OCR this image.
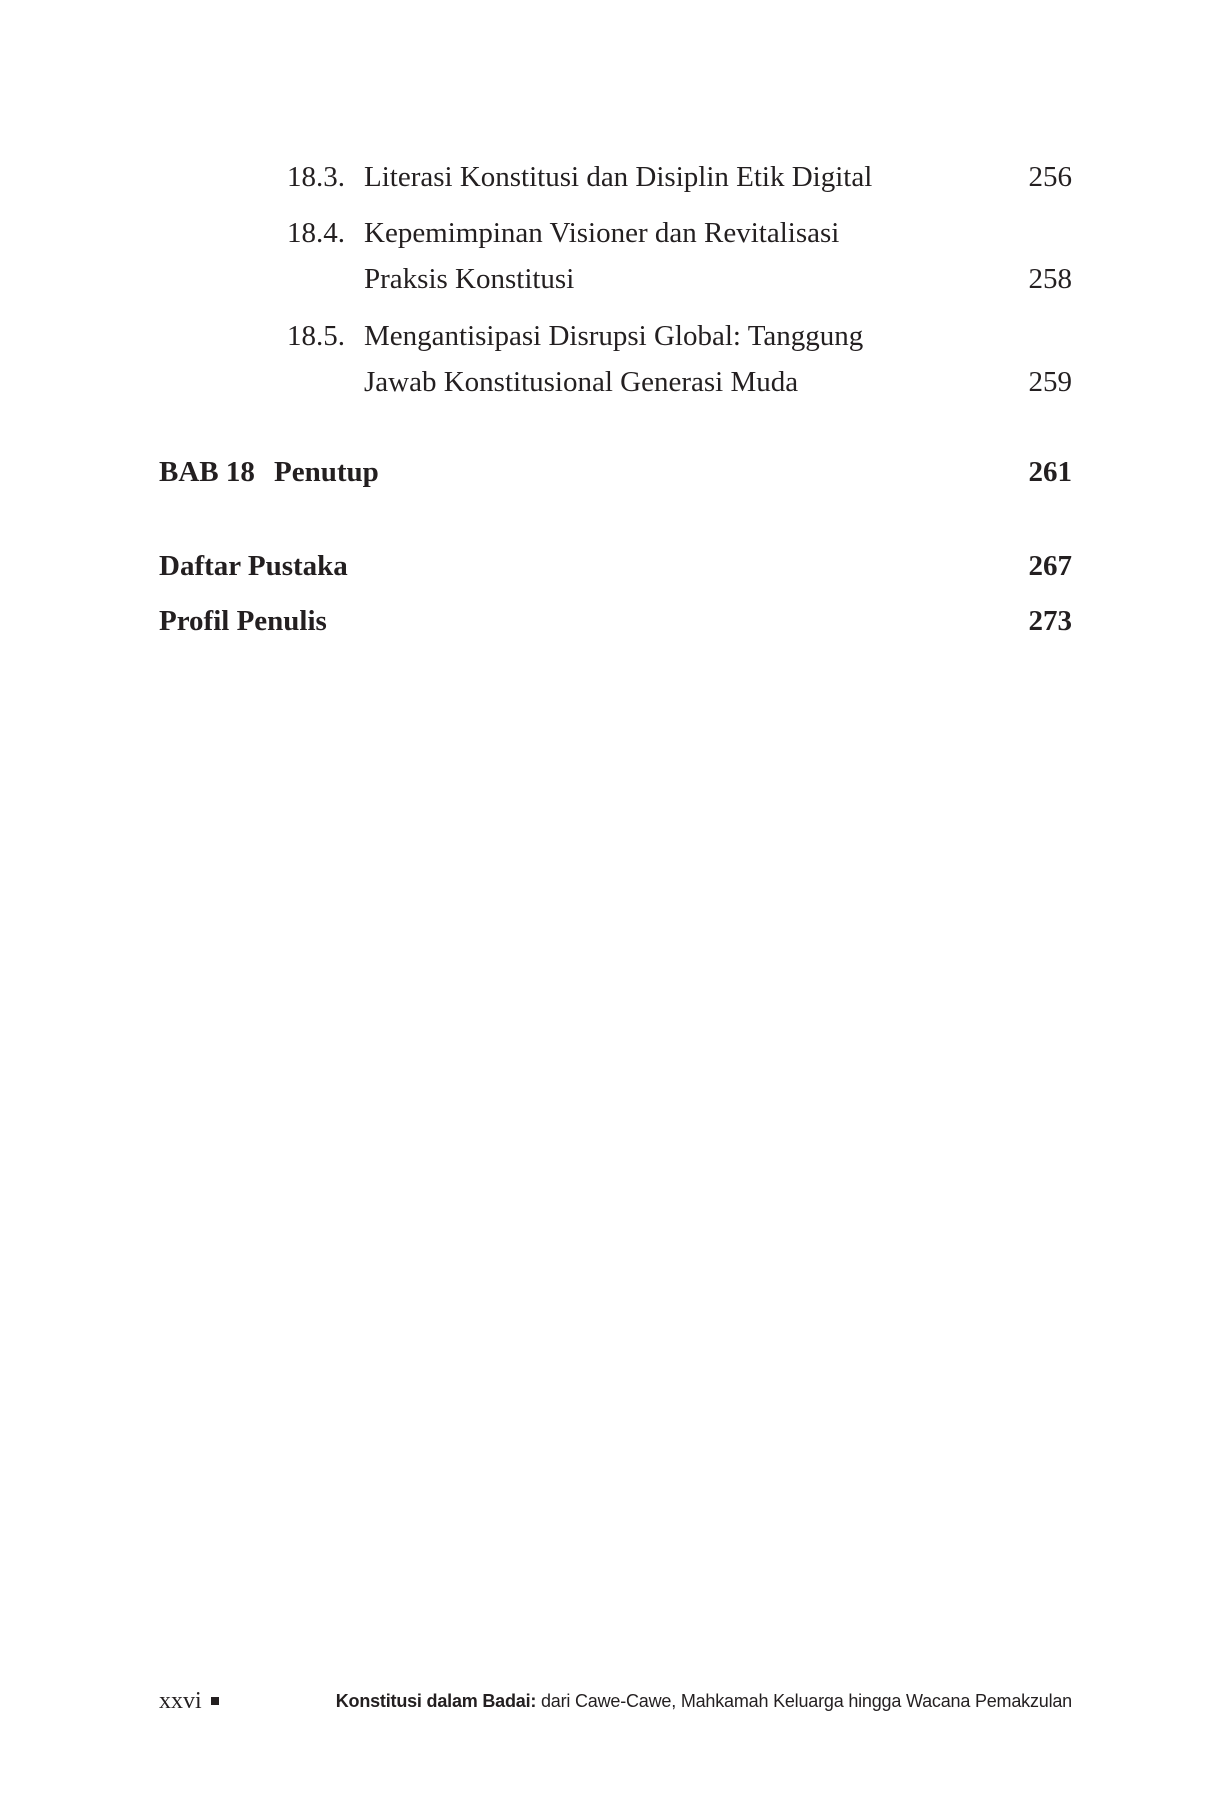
18.3. Literasi Konstitusi dan Disiplin Etik Digital	256
18.4. Kepemimpinan Visioner dan Revitalisasi
Praksis Konstitusi	258
18.5. Mengantisipasi Disrupsi Global: Tanggung
Jawab Konstitusional Generasi Muda	259
BAB 18 Penutup	261
Daftar Pustaka	267
Profil Penulis	273
xxvi	Konstitusi dalam Badai: dari Cawe-Cawe, Mahkamah Keluarga hingga Wacana Pemakzulan
